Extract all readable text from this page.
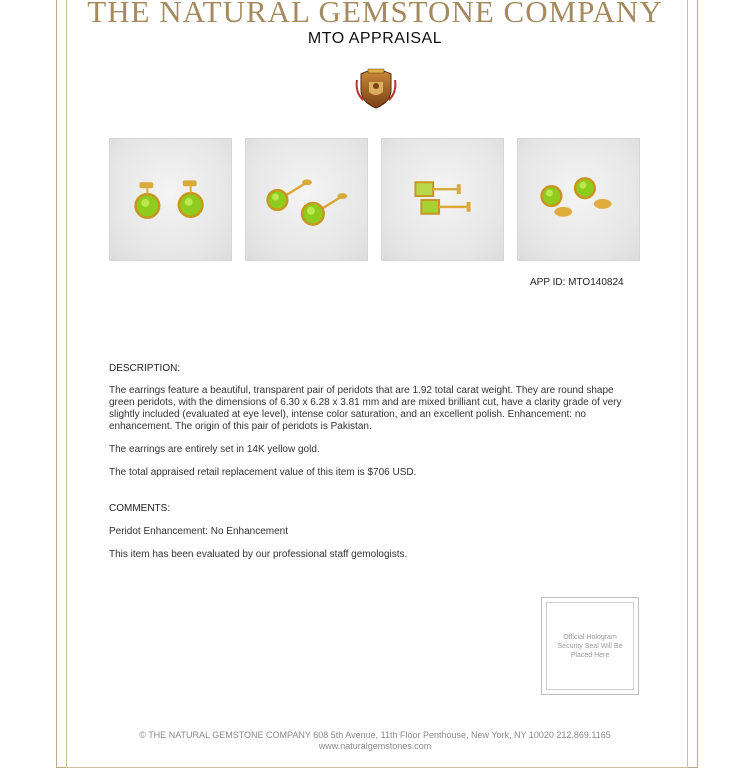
THE NATURAL GEMSTONE COMPANY
MTO APPRAISAL
APP ID: MTO140824
DESCRIPTION:
The earrings feature a beautiful, transparent pair of peridots that are 1.92 total carat weight. They are round shape green peridots, with the dimensions of 6.30 x 6.28 x 3.81 mm and are mixed brilliant cut, have a clarity grade of very slightly included (evaluated at eye level), intense color saturation, and an excellent polish. Enhancement: no enhancement. The origin of this pair of peridots is Pakistan.
The earrings are entirely set in 14K yellow gold.
The total appraised retail replacement value of this item is $706 USD.
COMMENTS:
Peridot Enhancement: No Enhancement
This item has been evaluated by our professional staff gemologists.
Official Hologram Security Seal Will Be Placed Here
© THE NATURAL GEMSTONE COMPANY 608 5th Avenue, 11th Floor Penthouse, New York, NY 10020 212.869.1165
www.naturalgemstones.com
